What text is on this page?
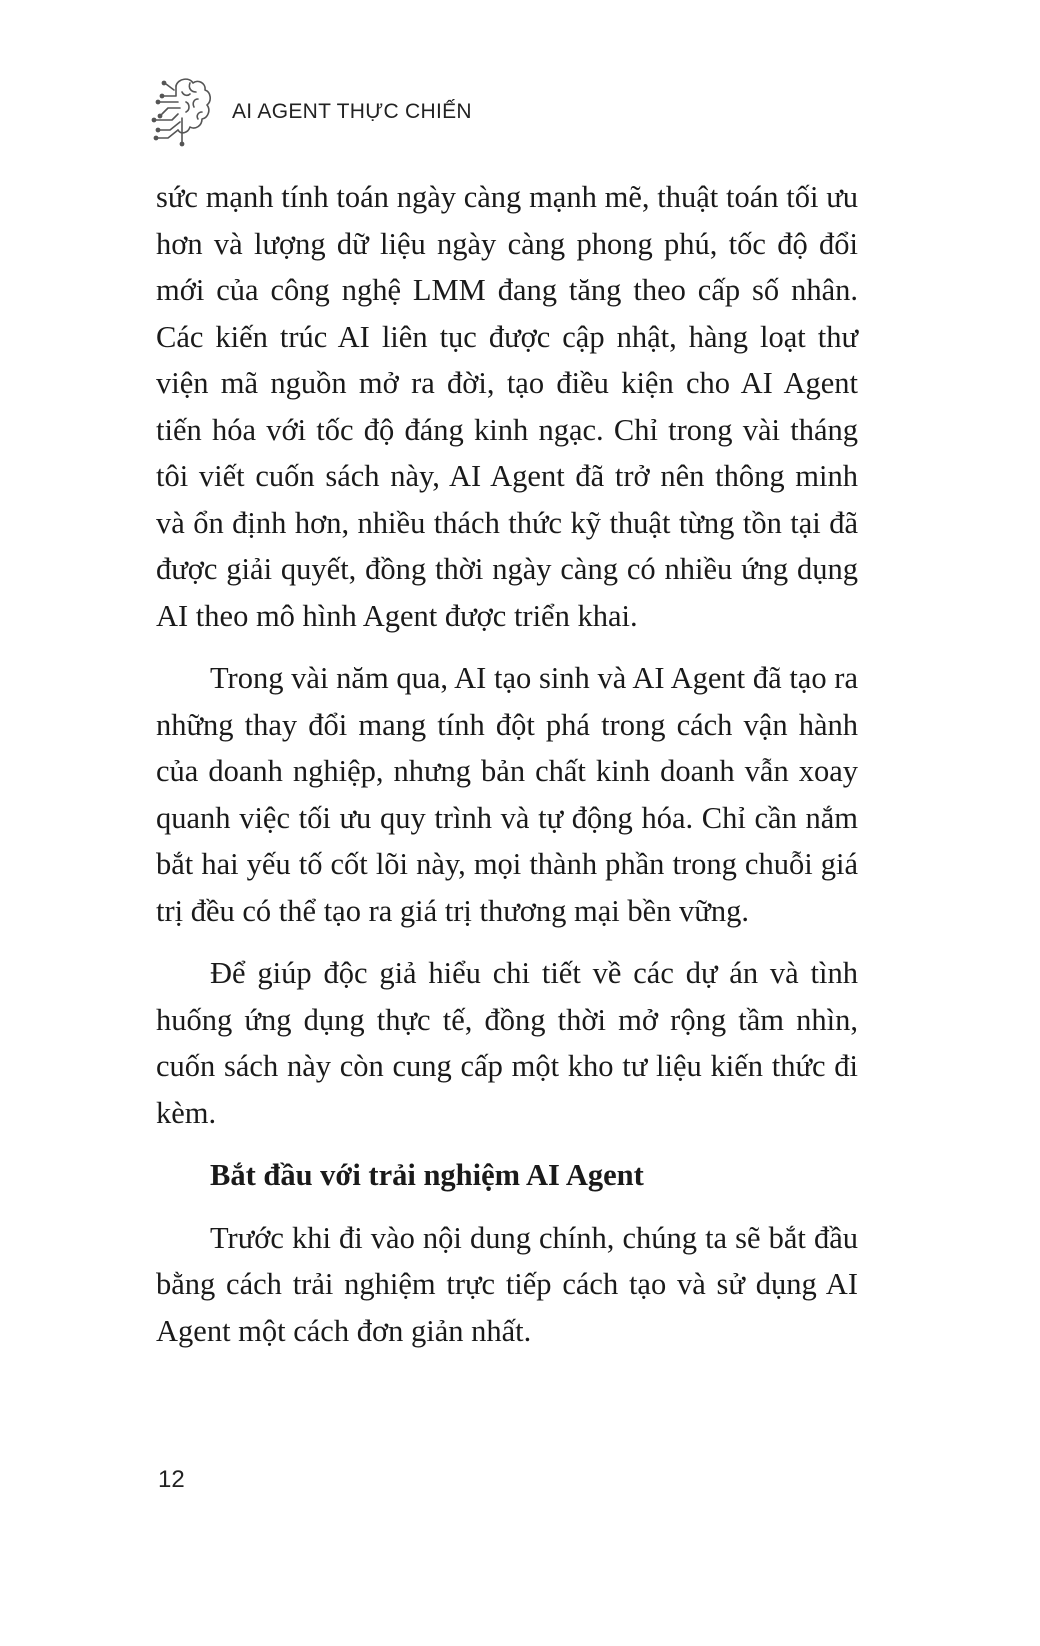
AI AGENT THỰC CHIẾN

sức mạnh tính toán ngày càng mạnh mẽ, thuật toán tối ưu hơn và lượng dữ liệu ngày càng phong phú, tốc độ đổi mới của công nghệ LMM đang tăng theo cấp số nhân. Các kiến trúc AI liên tục được cập nhật, hàng loạt thư viện mã nguồn mở ra đời, tạo điều kiện cho AI Agent tiến hóa với tốc độ đáng kinh ngạc. Chỉ trong vài tháng tôi viết cuốn sách này, AI Agent đã trở nên thông minh và ổn định hơn, nhiều thách thức kỹ thuật từng tồn tại đã được giải quyết, đồng thời ngày càng có nhiều ứng dụng AI theo mô hình Agent được triển khai.

Trong vài năm qua, AI tạo sinh và AI Agent đã tạo ra những thay đổi mang tính đột phá trong cách vận hành của doanh nghiệp, nhưng bản chất kinh doanh vẫn xoay quanh việc tối ưu quy trình và tự động hóa. Chỉ cần nắm bắt hai yếu tố cốt lõi này, mọi thành phần trong chuỗi giá trị đều có thể tạo ra giá trị thương mại bền vững.

Để giúp độc giả hiểu chi tiết về các dự án và tình huống ứng dụng thực tế, đồng thời mở rộng tầm nhìn, cuốn sách này còn cung cấp một kho tư liệu kiến thức đi kèm.

Bắt đầu với trải nghiệm AI Agent

Trước khi đi vào nội dung chính, chúng ta sẽ bắt đầu bằng cách trải nghiệm trực tiếp cách tạo và sử dụng AI Agent một cách đơn giản nhất.

12
